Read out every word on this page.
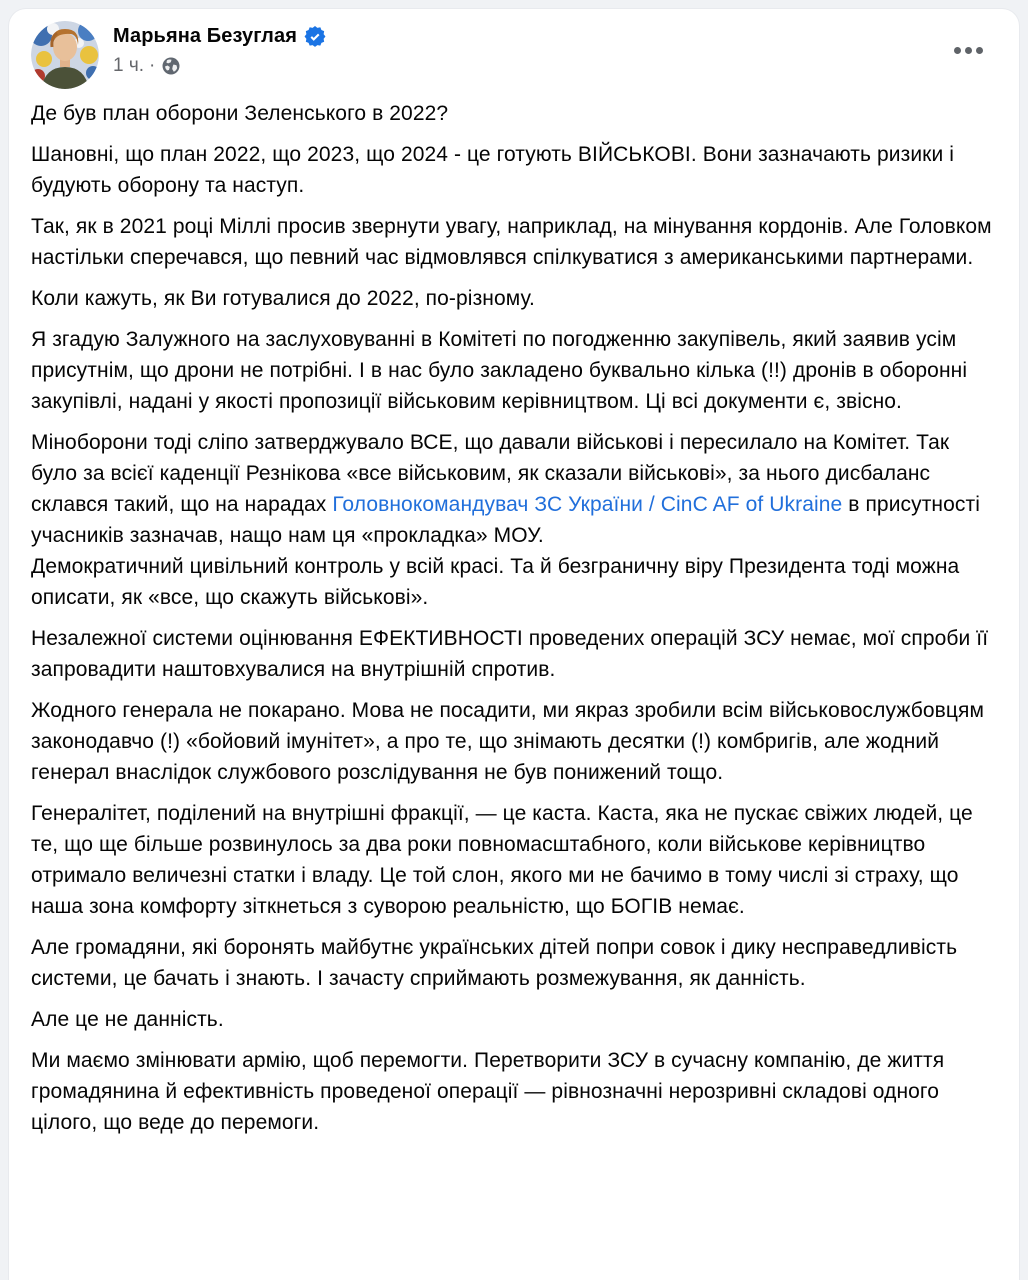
Марьяна Безуглая
1 ч. ·

Де був план оборони Зеленського в 2022?

Шановні, що план 2022, що 2023, що 2024 - це готують ВІЙСЬКОВІ. Вони зазначають ризики і будують оборону та наступ.

Так, як в 2021 році Міллі просив звернути увагу, наприклад, на мінування кордонів. Але Головком настільки сперечався, що певний час відмовлявся спілкуватися з американськими партнерами.

Коли кажуть, як Ви готувалися до 2022, по-різному.

Я згадую Залужного на заслуховуванні в Комітеті по погодженню закупівель, який заявив усім присутнім, що дрони не потрібні. І в нас було закладено буквально кілька (!!) дронів в оборонні закупівлі, надані у якості пропозиції військовим керівництвом. Ці всі документи є, звісно.

Міноборони тоді сліпо затверджувало ВСЕ, що давали військові і пересилало на Комітет. Так було за всієї каденції Резнікова «все військовим, як сказали військові», за нього дисбаланс склався такий, що на нарадах Головнокомандувач ЗС України / CinC AF of Ukraine в присутності учасників зазначав, нащо нам ця «прокладка» МОУ.
Демократичний цивільний контроль у всій красі. Та й безграничну віру Президента тоді можна описати, як «все, що скажуть військові».

Незалежної системи оцінювання ЕФЕКТИВНОСТІ проведених операцій ЗСУ немає, мої спроби її запровадити наштовхувалися на внутрішній спротив.

Жодного генерала не покарано. Мова не посадити, ми якраз зробили всім військовослужбовцям законодавчо (!) «бойовий імунітет», а про те, що знімають десятки (!) комбригів, але жодний генерал внаслідок службового розслідування не був понижений тощо.

Генералітет, поділений на внутрішні фракції, — це каста. Каста, яка не пускає свіжих людей, це те, що ще більше розвинулось за два роки повномасштабного, коли військове керівництво отримало величезні статки і владу. Це той слон, якого ми не бачимо в тому числі зі страху, що наша зона комфорту зіткнеться з суворою реальністю, що БОГІВ немає.

Але громадяни, які боронять майбутнє українських дітей попри совок і дику несправедливість системи, це бачать і знають. І зачасту сприймають розмежування, як данність.

Але це не данність.

Ми маємо змінювати армію, щоб перемогти. Перетворити ЗСУ в сучасну компанію, де життя громадянина й ефективність проведеної операції — рівнозначні нерозривні складові одного цілого, що веде до перемоги.
